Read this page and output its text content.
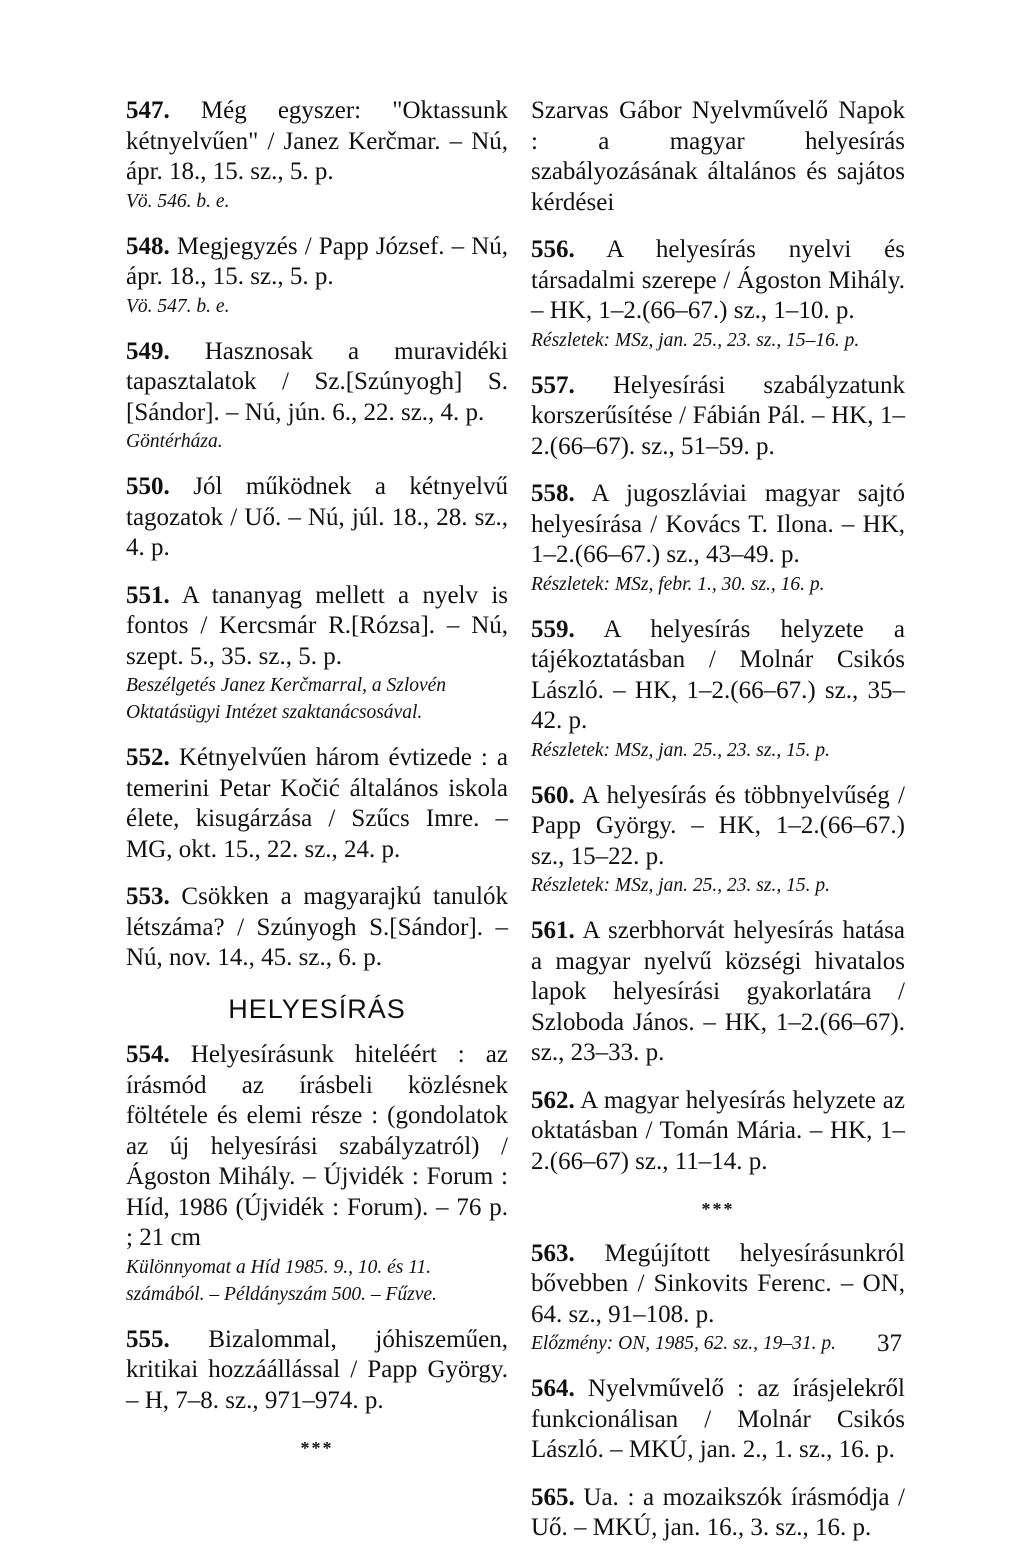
547. Még egyszer: "Oktassunk kétnyelvűen" / Janez Kerčmar. – Nú, ápr. 18., 15. sz., 5. p.
Vö. 546. b. e.
548. Megjegyzés / Papp József. – Nú, ápr. 18., 15. sz., 5. p.
Vö. 547. b. e.
549. Hasznosak a muravidéki tapasztalatok / Sz.[Szúnyogh] S.[Sándor]. – Nú, jún. 6., 22. sz., 4. p.
Göntérháza.
550. Jól működnek a kétnyelvű tagozatok / Uő. – Nú, júl. 18., 28. sz., 4. p.
551. A tananyag mellett a nyelv is fontos / Kercsmár R.[Rózsa]. – Nú, szept. 5., 35. sz., 5. p.
Beszélgetés Janez Kerčmarral, a Szlovén Oktatásügyi Intézet szaktanácsosával.
552. Kétnyelvűen három évtizede : a temerini Petar Kočić általános iskola élete, kisugárzása / Szűcs Imre. – MG, okt. 15., 22. sz., 24. p.
553. Csökken a magyarajkú tanulók létszáma? / Szúnyogh S.[Sándor]. – Nú, nov. 14., 45. sz., 6. p.
HELYESÍRÁS
554. Helyesírásunk hiteléért : az írásmód az írásbeli közlésnek föltétele és elemi része : (gondolatok az új helyesírási szabályzatról) / Ágoston Mihály. – Újvidék : Forum : Híd, 1986 (Újvidék : Forum). – 76 p. ; 21 cm
Különnyomat a Híd 1985. 9., 10. és 11. számából. – Példányszám 500. – Fűzve.
555. Bizalommal, jóhiszeműen, kritikai hozzáállással / Papp György. – H, 7–8. sz., 971–974. p.
***
Szarvas Gábor Nyelvművelő Napok : a magyar helyesírás szabályozásának általános és sajátos kérdései
556. A helyesírás nyelvi és társadalmi szerepe / Ágoston Mihály. – HK, 1–2.(66–67.) sz., 1–10. p.
Részletek: MSz, jan. 25., 23. sz., 15–16. p.
557. Helyesírási szabályzatunk korszerűsítése / Fábián Pál. – HK, 1–2.(66–67). sz., 51–59. p.
558. A jugoszláviai magyar sajtó helyesírása / Kovács T. Ilona. – HK, 1–2.(66–67.) sz., 43–49. p.
Részletek: MSz, febr. 1., 30. sz., 16. p.
559. A helyesírás helyzete a tájékoztatásban / Molnár Csikós László. – HK, 1–2.(66–67.) sz., 35–42. p.
Részletek: MSz, jan. 25., 23. sz., 15. p.
560. A helyesírás és többnyelvűség / Papp György. – HK, 1–2.(66–67.) sz., 15–22. p.
Részletek: MSz, jan. 25., 23. sz., 15. p.
561. A szerbhorvát helyesírás hatása a magyar nyelvű községi hivatalos lapok helyesírási gyakorlatára / Szloboda János. – HK, 1–2.(66–67). sz., 23–33. p.
562. A magyar helyesírás helyzete az oktatásban / Tomán Mária. – HK, 1–2.(66–67) sz., 11–14. p.
***
563. Megújított helyesírásunkról bővebben / Sinkovits Ferenc. – ON, 64. sz., 91–108. p.
Előzmény: ON, 1985, 62. sz., 19–31. p.
564. Nyelvművelő : az írásjelekről funkcionálisan / Molnár Csikós László. – MKÚ, jan. 2., 1. sz., 16. p.
565. Ua. : a mozaikszók írásmódja / Uő. – MKÚ, jan. 16., 3. sz., 16. p.
37
